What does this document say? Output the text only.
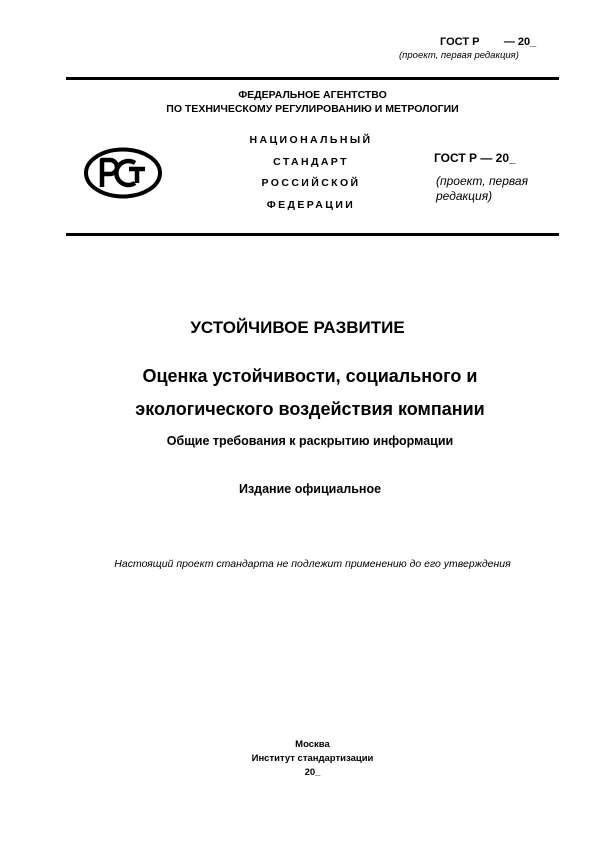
ГОСТ Р        — 20_
(проект, первая редакция)
ФЕДЕРАЛЬНОЕ АГЕНТСТВО
ПО ТЕХНИЧЕСКОМУ РЕГУЛИРОВАНИЮ И МЕТРОЛОГИИ
НАЦИОНАЛЬНЫЙ
СТАНДАРТ
РОССИЙСКОЙ
ФЕДЕРАЦИИ
ГОСТ Р — 20_
(проект, первая редакция)
УСТОЙЧИВОЕ РАЗВИТИЕ
Оценка устойчивости, социального и
экологического воздействия компании
Общие требования к раскрытию информации
Издание официальное
Настоящий проект стандарта не подлежит применению до его утверждения
Москва
Институт стандартизации
20_
